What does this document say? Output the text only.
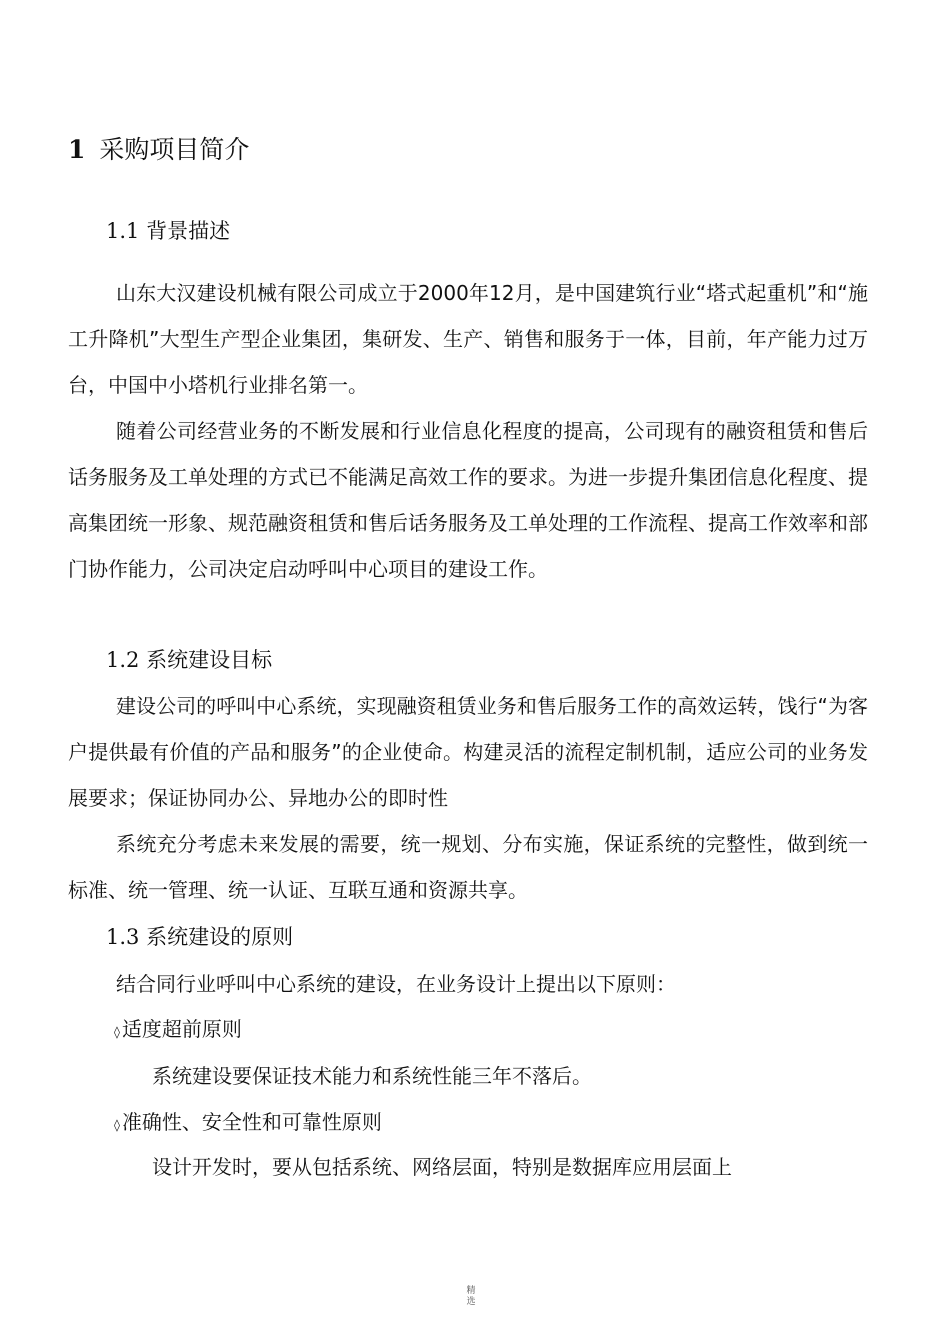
1 采购项目简介
1.1 背景描述

山东大汉建设机械有限公司成立于2000年12月，是中国建筑行业“塔式起重机”和“施工升降机”大型生产型企业集团，集研发、生产、销售和服务于一体，目前，年产能力过万台，中国中小塔机行业排名第一。

随着公司经营业务的不断发展和行业信息化程度的提高，公司现有的融资租赁和售后话务服务及工单处理的方式已不能满足高效工作的要求。为进一步提升集团信息化程度、提高集团统一形象、规范融资租赁和售后话务服务及工单处理的工作流程、提高工作效率和部门协作能力，公司决定启动呼叫中心项目的建设工作。

1.2 系统建设目标

建设公司的呼叫中心系统，实现融资租赁业务和售后服务工作的高效运转，饯行“为客户提供最有价值的产品和服务”的企业使命。构建灵活的流程定制机制，适应公司的业务发展要求；保证协同办公、异地办公的即时性

系统充分考虑未来发展的需要，统一规划、分布实施，保证系统的完整性，做到统一标准、统一管理、统一认证、互联互通和资源共享。

1.3 系统建设的原则
结合同行业呼叫中心系统的建设，在业务设计上提出以下原则：
◊ 适度超前原则
系统建设要保证技术能力和系统性能三年不落后。
◊ 准确性、安全性和可靠性原则
设计开发时，要从包括系统、网络层面，特别是数据库应用层面上
精选
